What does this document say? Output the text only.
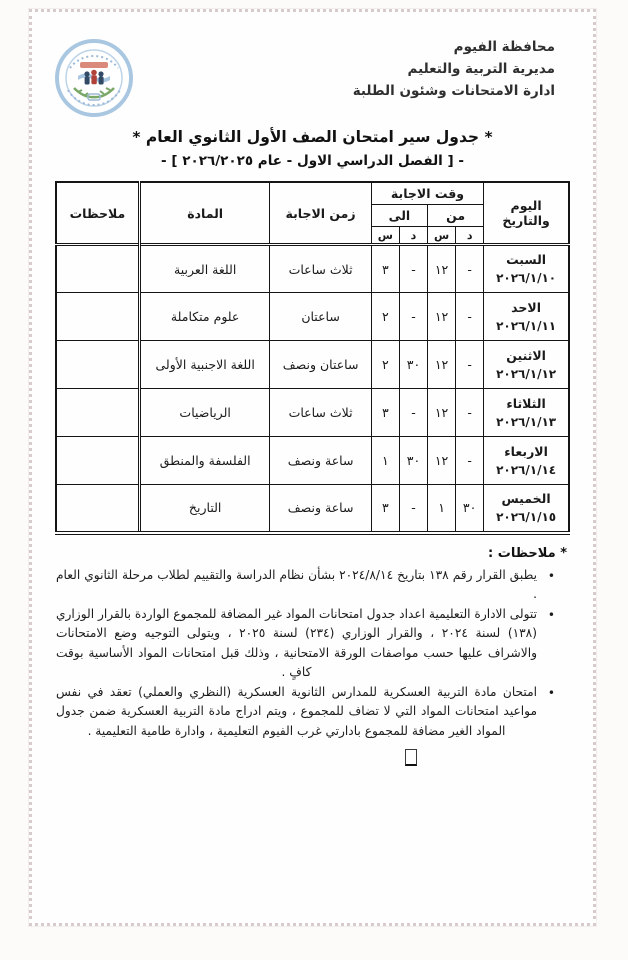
محافظة الفيوم
مديرية التربية والتعليم
ادارة الامتحانات وشئون الطلبة
* جدول سير امتحان الصف الأول الثانوي العام *
- [ الفصل الدراسي الاول - عام ٢٠٢٦/٢٠٢٥ ] -
اليوم والتاريخ	وقت الاجابة				زمن الاجابة	المادة	ملاحظات
	من		الى				
	د	س	د	س			

السبت
٢٠٢٦/١/١٠	-	١٢	-	٣	ثلاث ساعات	اللغة العربية	

الاحد
٢٠٢٦/١/١١	-	١٢	-	٢	ساعتان	علوم متكاملة	

الاثنين
٢٠٢٦/١/١٢	-	١٢	٣٠	٢	ساعتان ونصف	اللغة الاجنبية الأولى	

الثلاثاء
٢٠٢٦/١/١٣	-	١٢	-	٣	ثلاث ساعات	الرياضيات	

الاربعاء
٢٠٢٦/١/١٤	-	١٢	٣٠	١	ساعة ونصف	الفلسفة والمنطق	

الخميس
٢٠٢٦/١/١٥	٣٠	١	-	٣	ساعة ونصف	التاريخ	
* ملاحظات :
•
يطبق القرار رقم ١٣٨ بتاريخ ٢٠٢٤/٨/١٤ بشأن نظام الدراسة والتقييم لطلاب مرحلة الثانوي العام .
•
تتولى الادارة التعليمية اعداد جدول امتحانات المواد غير المضافة للمجموع الواردة بالقرار الوزاري (١٣٨) لسنة ٢٠٢٤ ، والقرار الوزاري (٢٣٤) لسنة ٢٠٢٥ ، ويتولى التوجيه وضع الامتحانات والاشراف عليها حسب مواصفات الورقة الامتحانية ، وذلك قبل امتحانات المواد الأساسية بوقت كافٍ .
•
امتحان مادة التربية العسكرية للمدارس الثانوية العسكرية (النظري والعملي) تعقد في نفس مواعيد امتحانات المواد التي لا تضاف للمجموع ، ويتم ادراج مادة التربية العسكرية ضمن جدول المواد الغير مضافة للمجموع بادارتي غرب الفيوم التعليمية ، وادارة طامية التعليمية .
